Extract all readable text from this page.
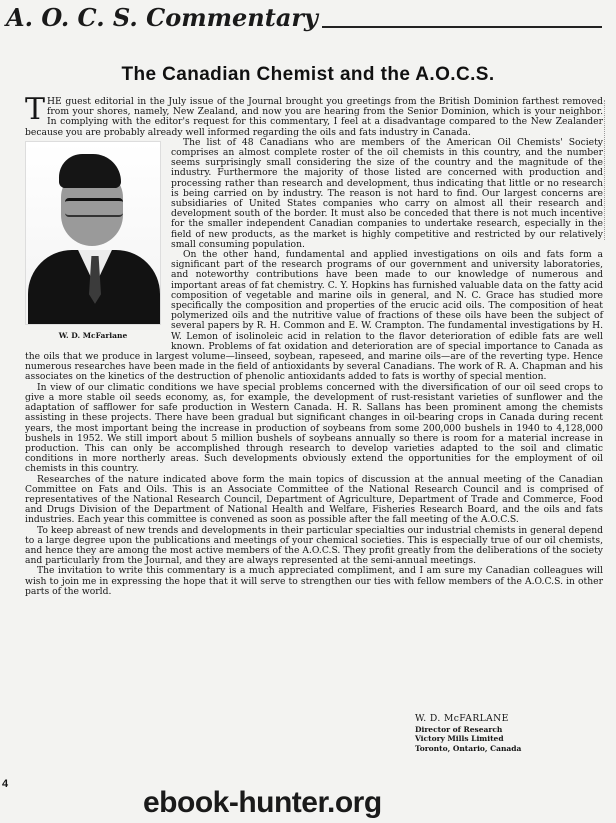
A. O. C. S. Commentary
The Canadian Chemist and the A.O.C.S.

THE guest editorial in the July issue of the Journal brought you greetings from the British Dominion farthest removed from your shores, namely, New Zealand, and now you are hearing from the Senior Dominion, which is your neighbor. In complying with the editor's request for this commentary, I feel at a disadvantage compared to the New Zealander because you are probably already well informed regarding the oils and fats industry in Canada.

W. D. McFarlane

The list of 48 Canadians who are members of the American Oil Chemists' Society comprises an almost complete roster of the oil chemists in this country, and the number seems surprisingly small considering the size of the country and the magnitude of the industry. Furthermore the majority of those listed are concerned with production and processing rather than research and development, thus indicating that little or no research is being carried on by industry. The reason is not hard to find. Our largest concerns are subsidiaries of United States companies who carry on almost all their research and development south of the border. It must also be conceded that there is not much incentive for the smaller independent Canadian companies to undertake research, especially in the field of new products, as the market is highly competitive and restricted by our relatively small consuming population.

On the other hand, fundamental and applied investigations on oils and fats form a significant part of the research programs of our government and university laboratories, and noteworthy contributions have been made to our knowledge of numerous and important areas of fat chemistry. C. Y. Hopkins has furnished valuable data on the fatty acid composition of vegetable and marine oils in general, and N. C. Grace has studied more specifically the composition and properties of the erucic acid oils. The composition of heat polymerized oils and the nutritive value of fractions of these oils have been the subject of several papers by R. H. Common and E. W. Crampton. The fundamental investigations by H. W. Lemon of isolinoleic acid in relation to the flavor deterioration of edible fats are well known. Problems of fat oxidation and deterioration are of special importance to Canada as the oils that we produce in largest volume—linseed, soybean, rapeseed, and marine oils—are of the reverting type. Hence numerous researches have been made in the field of antioxidants by several Canadians. The work of R. A. Chapman and his associates on the kinetics of the destruction of phenolic antioxidants added to fats is worthy of special mention.

In view of our climatic conditions we have special problems concerned with the diversification of our oil seed crops to give a more stable oil seeds economy, as, for example, the development of rust-resistant varieties of sunflower and the adaptation of safflower for safe production in Western Canada. H. R. Sallans has been prominent among the chemists assisting in these projects. There have been gradual but significant changes in oil-bearing crops in Canada during recent years, the most important being the increase in production of soybeans from some 200,000 bushels in 1940 to 4,128,000 bushels in 1952. We still import about 5 million bushels of soybeans annually so there is room for a material increase in production. This can only be accomplished through research to develop varieties adapted to the soil and climatic conditions in more northerly areas. Such developments obviously extend the opportunities for the employment of oil chemists in this country.

Researches of the nature indicated above form the main topics of discussion at the annual meeting of the Canadian Committee on Fats and Oils. This is an Associate Committee of the National Research Council and is comprised of representatives of the National Research Council, Department of Agriculture, Department of Trade and Commerce, Food and Drugs Division of the Department of National Health and Welfare, Fisheries Research Board, and the oils and fats industries. Each year this committee is convened as soon as possible after the fall meeting of the A.O.C.S.

To keep abreast of new trends and developments in their particular specialties our industrial chemists in general depend to a large degree upon the publications and meetings of your chemical societies. This is especially true of our oil chemists, and hence they are among the most active members of the A.O.C.S. They profit greatly from the deliberations of the society and particularly from the Journal, and they are always represented at the semi-annual meetings.

The invitation to write this commentary is a much appreciated compliment, and I am sure my Canadian colleagues will wish to join me in expressing the hope that it will serve to strengthen our ties with fellow members of the A.O.C.S. in other parts of the world.

W. D. McFARLANE
Director of Research
Victory Mills Limited
Toronto, Ontario, Canada
4
ebook-hunter.org
